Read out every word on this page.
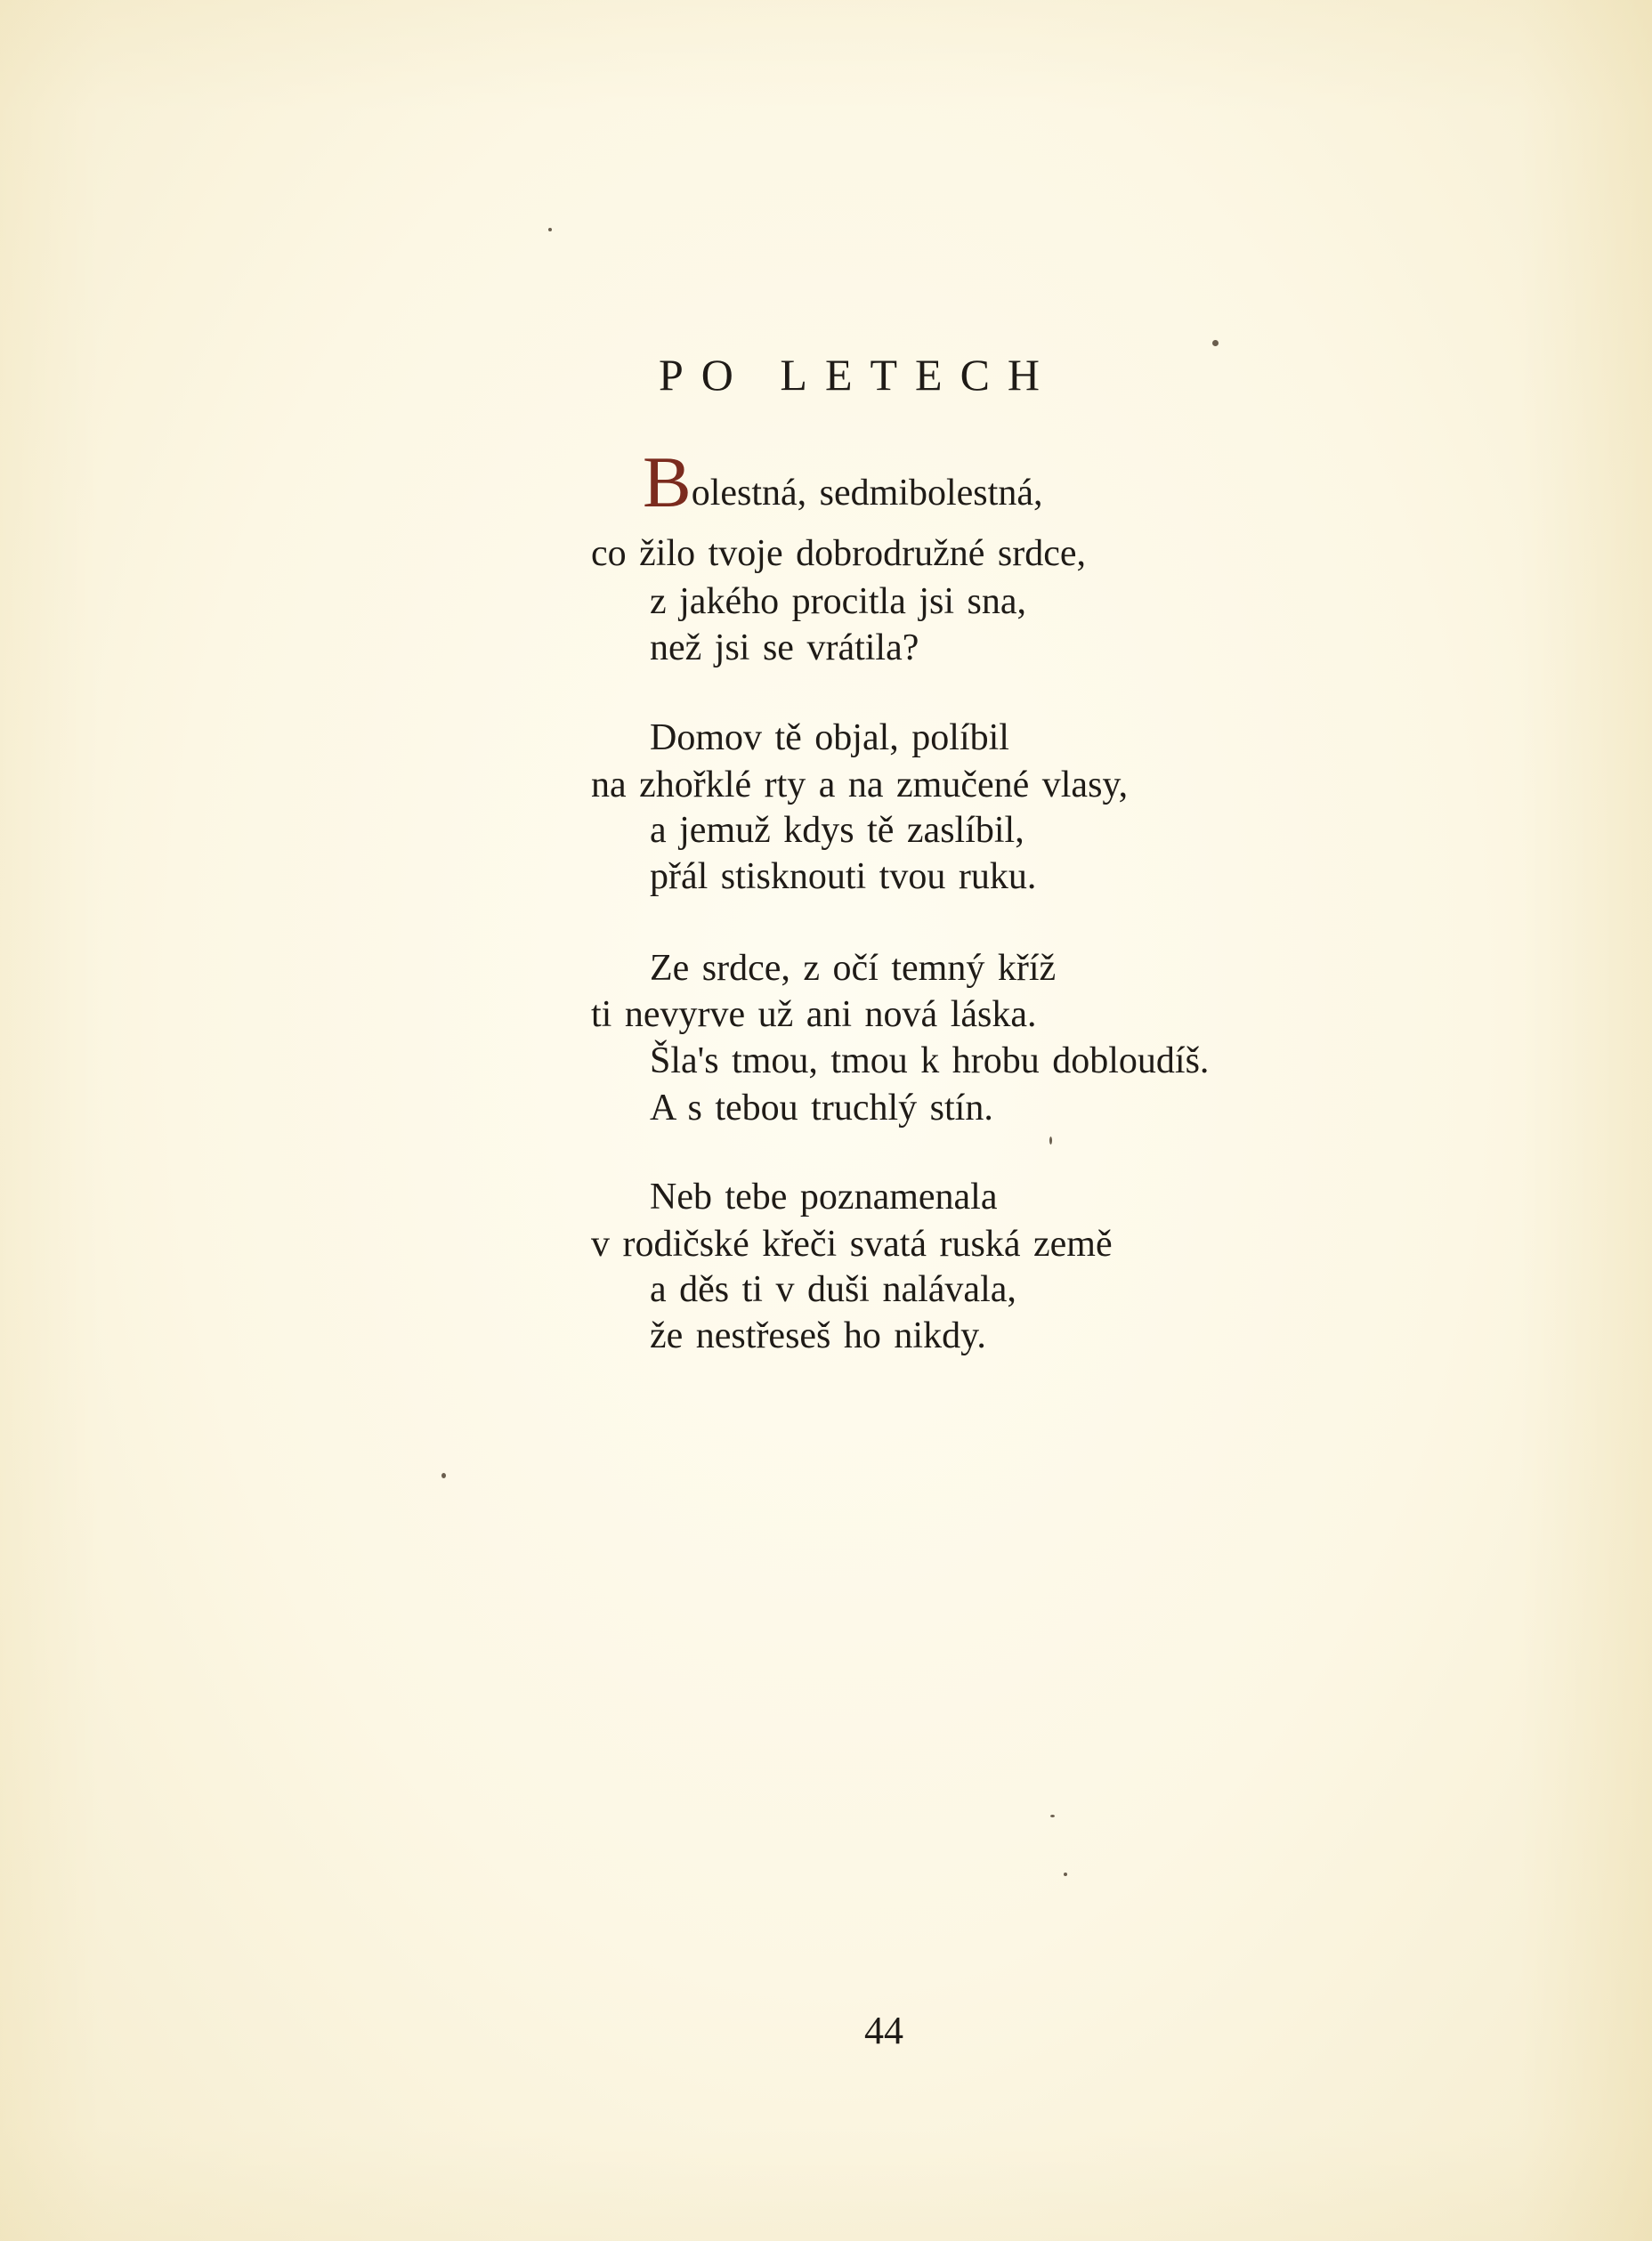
PO LETECH
Bolestná, sedmibolestná,
co žilo tvoje dobrodružné srdce,
z jakého procitla jsi sna,
než jsi se vrátila?
Domov tě objal, políbil
na zhořklé rty a na zmučené vlasy,
a jemuž kdys tě zaslíbil,
přál stisknouti tvou ruku.
Ze srdce, z očí temný kříž
ti nevyrve už ani nová láska.
Šla's tmou, tmou k hrobu dobloudíš.
A s tebou truchlý stín.
Neb tebe poznamenala
v rodičské křeči svatá ruská země
a děs ti v duši nalávala,
že nestřeseš ho nikdy.
44
